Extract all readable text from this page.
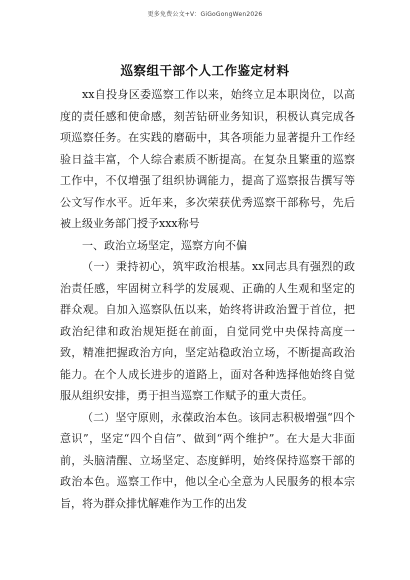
更多免费公文+V：GiGoGongWen2026
巡察组干部个人工作鉴定材料

xx自投身区委巡察工作以来，始终立足本职岗位，以高度的责任感和使命感，刻苦钻研业务知识，积极认真完成各项巡察任务。在实践的磨砺中，其各项能力显著提升工作经验日益丰富，个人综合素质不断提高。在复杂且繁重的巡察工作中，不仅增强了组织协调能力，提高了巡察报告撰写等公文写作水平。近年来，多次荣获优秀巡察干部称号，先后被上级业务部门授予xxx称号

一、政治立场坚定，巡察方向不偏

（一）秉持初心，筑牢政治根基。xx同志具有强烈的政治责任感，牢固树立科学的发展观、正确的人生观和坚定的群众观。自加入巡察队伍以来，始终将讲政治置于首位，把政治纪律和政治规矩挺在前面，自觉同党中央保持高度一致，精准把握政治方向，坚定站稳政治立场，不断提高政治能力。在个人成长进步的道路上，面对各种选择他始终自觉服从组织安排，勇于担当巡察工作赋予的重大责任。

（二）坚守原则，永葆政治本色。该同志积极增强“四个意识”，坚定“四个自信”、做到“两个维护”。在大是大非面前，头脑清醒、立场坚定、态度鲜明，始终保持巡察干部的政治本色。巡察工作中，他以全心全意为人民服务的根本宗旨，将为群众排忧解难作为工作的出发
